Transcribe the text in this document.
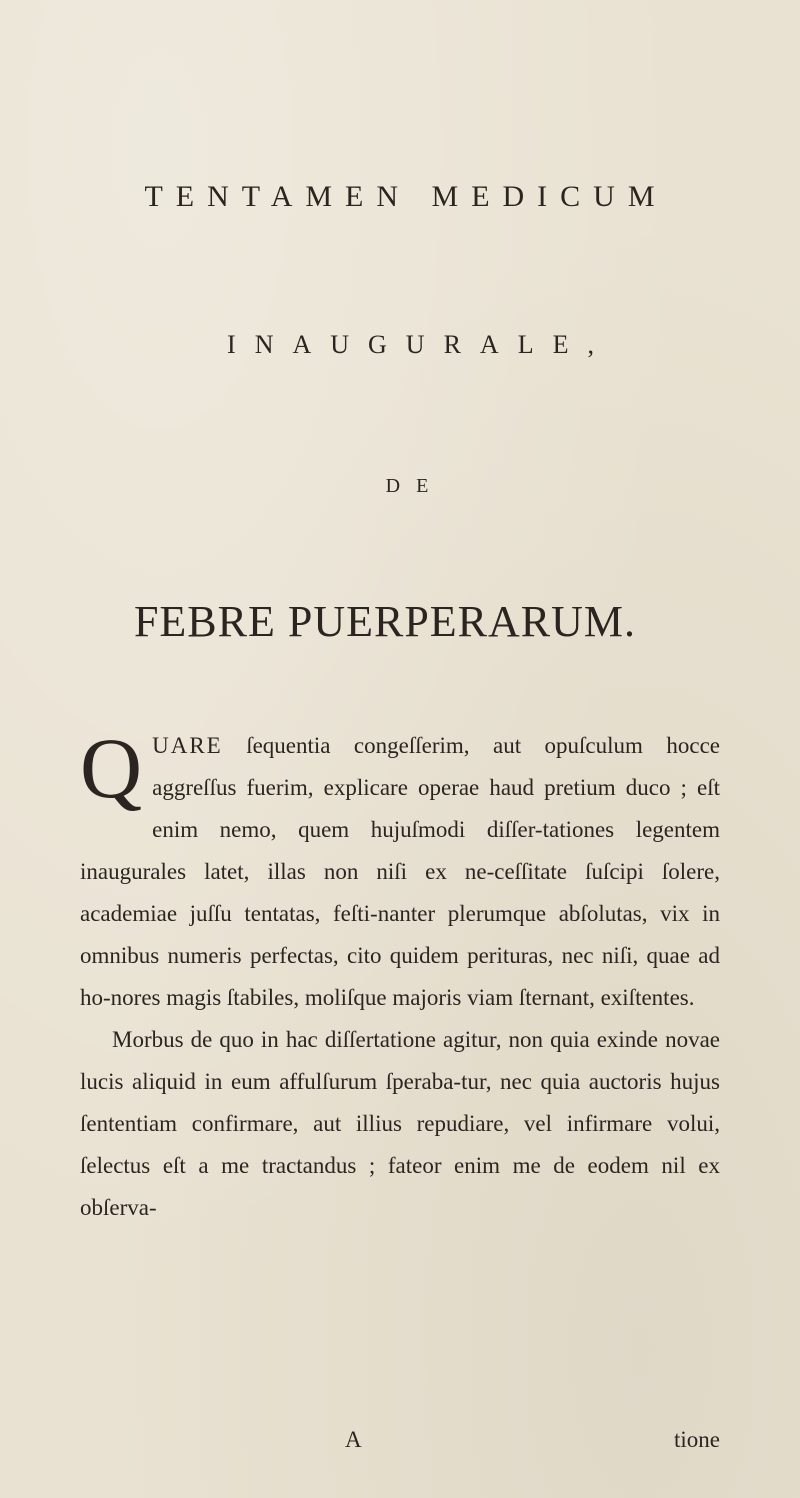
TENTAMEN MEDICUM
INAUGURALE,
DE
FEBRE PUERPERARUM.

QUARE ſequentia congeſſerim, aut opuſculum hocce aggreſſus fuerim, explicare operae haud pretium duco ; eſt enim nemo, quem hujuſmodi diſſer-tationes legentem inaugurales latet, illas non niſi ex ne-ceſſitate ſuſcipi ſolere, academiae juſſu tentatas, feſti-nanter plerumque abſolutas, vix in omnibus numeris perfectas, cito quidem perituras, nec niſi, quae ad ho-nores magis ſtabiles, moliſque majoris viam ſternant, exiſtentes.

Morbus de quo in hac diſſertatione agitur, non quia exinde novae lucis aliquid in eum affulſurum ſperaba-tur, nec quia auctoris hujus ſententiam confirmare, aut illius repudiare, vel infirmare volui, ſelectus eſt a me tractandus ; fateor enim me de eodem nil ex obſerva-

A	tione
